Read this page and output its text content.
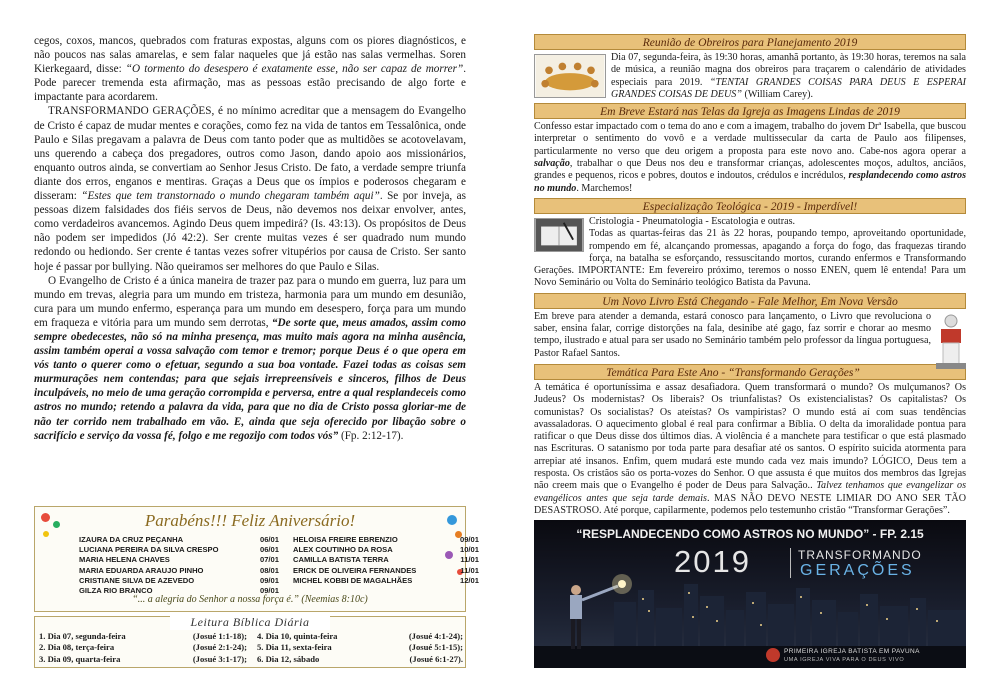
cegos, coxos, mancos, quebrados com fraturas expostas, alguns com os piores diagnósticos, e não poucos nas salas amarelas, e sem falar naqueles que já estão nas salas vermelhas. Soren Kierkegaard, disse: “O tormento do desespero é exatamente esse, não ser capaz de morrer”. Pode parecer tremenda esta afirmação, mas as pessoas estão precisando de algo forte e impactante para acordarem.

TRANSFORMANDO GERAÇÕES, é no mínimo acreditar que a mensagem do Evangelho de Cristo é capaz de mudar mentes e corações, como fez na vida de tantos em Tessalônica, onde Paulo e Silas pregavam a palavra de Deus com tanto poder que as multidões se acotovelavam, uns querendo a cabeça dos pregadores, outros como Jason, dando apoio aos missionários, enquanto outros ainda, se convertiam ao Senhor Jesus Cristo. De fato, a verdade sempre triunfa diante dos erros, enganos e mentiras. Graças a Deus que os ímpios e poderosos chegaram e disseram: “Estes que tem transtornado o mundo chegaram também aqui”. Se por inveja, as pessoas dizem falsidades dos fiéis servos de Deus, não devemos nos deixar envolver, antes, como verdadeiros avancemos. Agindo Deus quem impedirá? (Is. 43:13). Os propósitos de Deus não podem ser impedidos (Jó 42:2). Ser crente muitas vezes é ser quadrado num mundo redondo ou hediondo. Ser crente é tantas vezes sofrer vitupérios por causa de Cristo. Ser santo hoje é passar por bullying. Não queiramos ser melhores do que Paulo e Silas.

O Evangelho de Cristo é a única maneira de trazer paz para o mundo em guerra, luz para um mundo em trevas, alegria para um mundo em tristeza, harmonia para um mundo em desunião, cura para um mundo enfermo, esperança para um mundo em desespero, força para um mundo em fraqueza e vitória para um mundo sem derrotas, “De sorte que, meus amados, assim como sempre obedecestes, não só na minha presença, mas muito mais agora na minha ausência, assim também operai a vossa salvação com temor e tremor; porque Deus é o que opera em vós tanto o querer como o efetuar, segundo a sua boa vontade. Fazei todas as coisas sem murmurações nem contendas; para que sejais irrepreensíveis e sinceros, filhos de Deus inculpáveis, no meio de uma geração corrompida e perversa, entre a qual resplandeceis como astros no mundo; retendo a palavra da vida, para que no dia de Cristo possa gloriar-me de não ter corrido nem trabalhado em vão. E, ainda que seja oferecido por libação sobre o sacrifício e serviço da vossa fé, folgo e me regozijo com todos vós” (Fp. 2:12-17).

Parabéns!!! Feliz Aniversário!
IZAURA DA CRUZ PEÇANHA	06/01
LUCIANA PEREIRA DA SILVA CRESPO	06/01
MARIA HELENA CHAVES	07/01
MARIA EDUARDA ARAUJO PINHO	08/01
CRISTIANE SILVA DE AZEVEDO	09/01
GILZA RIO BRANCO	09/01
HELOISA FREIRE EBRENZIO	09/01
ALEX COUTINHO DA ROSA	10/01
CAMILLA BATISTA TERRA	11/01
ERICK DE OLIVEIRA FERNANDES	11/01
MICHEL KOBBI DE MAGALHÃES	12/01
“... a alegria do Senhor a nossa força é.” (Neemias 8:10c)
Leitura Bíblica Diária
1. Dia 07, segunda-feira	(Josué 1:1-18);
2. Dia 08, terça-feira	(Josué 2:1-24);
3. Dia 09, quarta-feira	(Josué 3:1-17);
4. Dia 10, quinta-feira	(Josué 4:1-24);
5. Dia 11, sexta-feira	(Josué 5:1-15);
6. Dia 12, sábado	(Josué 6:1-27).
Reunião de Obreiros para Planejamento 2019
Dia 07, segunda-feira, às 19:30 horas, amanhã portanto, às 19:30 horas, teremos na sala de música, a reunião magna dos obreiros para traçarem o calendário de atividades especiais para 2019. “TENTAI GRANDES COISAS PARA DEUS E ESPERAI GRANDES COISAS DE DEUS” (William Carey).
Em Breve Estará nas Telas da Igreja as Imagens Lindas de 2019
Confesso estar impactado com o tema do ano e com a imagem, trabalho do jovem Drª Isabella, que buscou interpretar o sentimento do vovô e a verdade multissecular da carta de Paulo aos filipenses, particularmente no verso que deu origem a proposta para este novo ano. Cabe-nos agora operar a salvação, trabalhar o que Deus nos deu e transformar crianças, adolescentes moços, adultos, anciãos, grandes e pequenos, ricos e pobres, doutos e indoutos, crédulos e incrédulos, resplandecendo como astros no mundo. Marchemos!
Especialização Teológica - 2019 - Imperdível!
Cristologia - Pneumatologia - Escatologia e outras.
Todas as quartas-feiras das 21 às 22 horas, poupando tempo, aproveitando oportunidade, rompendo em fé, alcançando promessas, apagando a força do fogo, das fraquezas tirando força, na batalha se esforçando, ressuscitando mortos, curando enfermos e Transformando Gerações. IMPORTANTE: Em fevereiro próximo, teremos o nosso ENEN, quem lê entenda! Para um Novo Seminário ou Volta do Seminário teológico Batista da Pavuna.
Um Novo Livro Está Chegando - Fale Melhor, Em Nova Versão
Em breve para atender a demanda, estará conosco para lançamento, o Livro que revoluciona o saber, ensina falar, corrige distorções na fala, desinibe até gago, faz sorrir e chorar ao mesmo tempo, ilustrado e atual para ser usado no Seminário também pelo professor da língua portuguesa, Pastor Rafael Santos.
Temática Para Este Ano - “Transformando Gerações”
A temática é oportuníssima e assaz desafiadora. Quem transformará o mundo? Os mulçumanos? Os Judeus? Os modernistas? Os liberais? Os triunfalistas? Os existencialistas? Os capitalistas? Os comunistas? Os socialistas? Os ateístas? Os vampiristas? O mundo está aí com suas tendências avassaladoras. O aquecimento global é real para confirmar a Bíblia. O delta da imoralidade pontua para ratificar o que Deus disse dos últimos dias. A violência é a manchete para testificar o que está plasmado nas Escrituras. O satanismo por toda parte para desafiar até os santos. O espírito suicida atormenta para arrepiar até insanos. Enfim, quem mudará este mundo cada vez mais imundo? LÓGICO, Deus tem a resposta. Os cristãos são os porta-vozes do Senhor. O que assusta é que muitos dos membros das Igrejas não creem mais que o Evangelho é poder de Deus para Salvação.. Talvez tenhamos que evangelizar os evangélicos antes que seja tarde demais. MAS NÃO DEVO NESTE LIMIAR DO ANO SER TÃO DESASTROSO. Até porque, capilarmente, podemos pelo testemunho cristão “Transformar Gerações”.
“RESPLANDECENDO COMO ASTROS NO MUNDO” - FP. 2.15
2019	TRANSFORMANDO
GERAÇÕES
PRIMEIRA IGREJA BATISTA EM PAVUNA
UMA IGREJA VIVA PARA O DEUS VIVO
